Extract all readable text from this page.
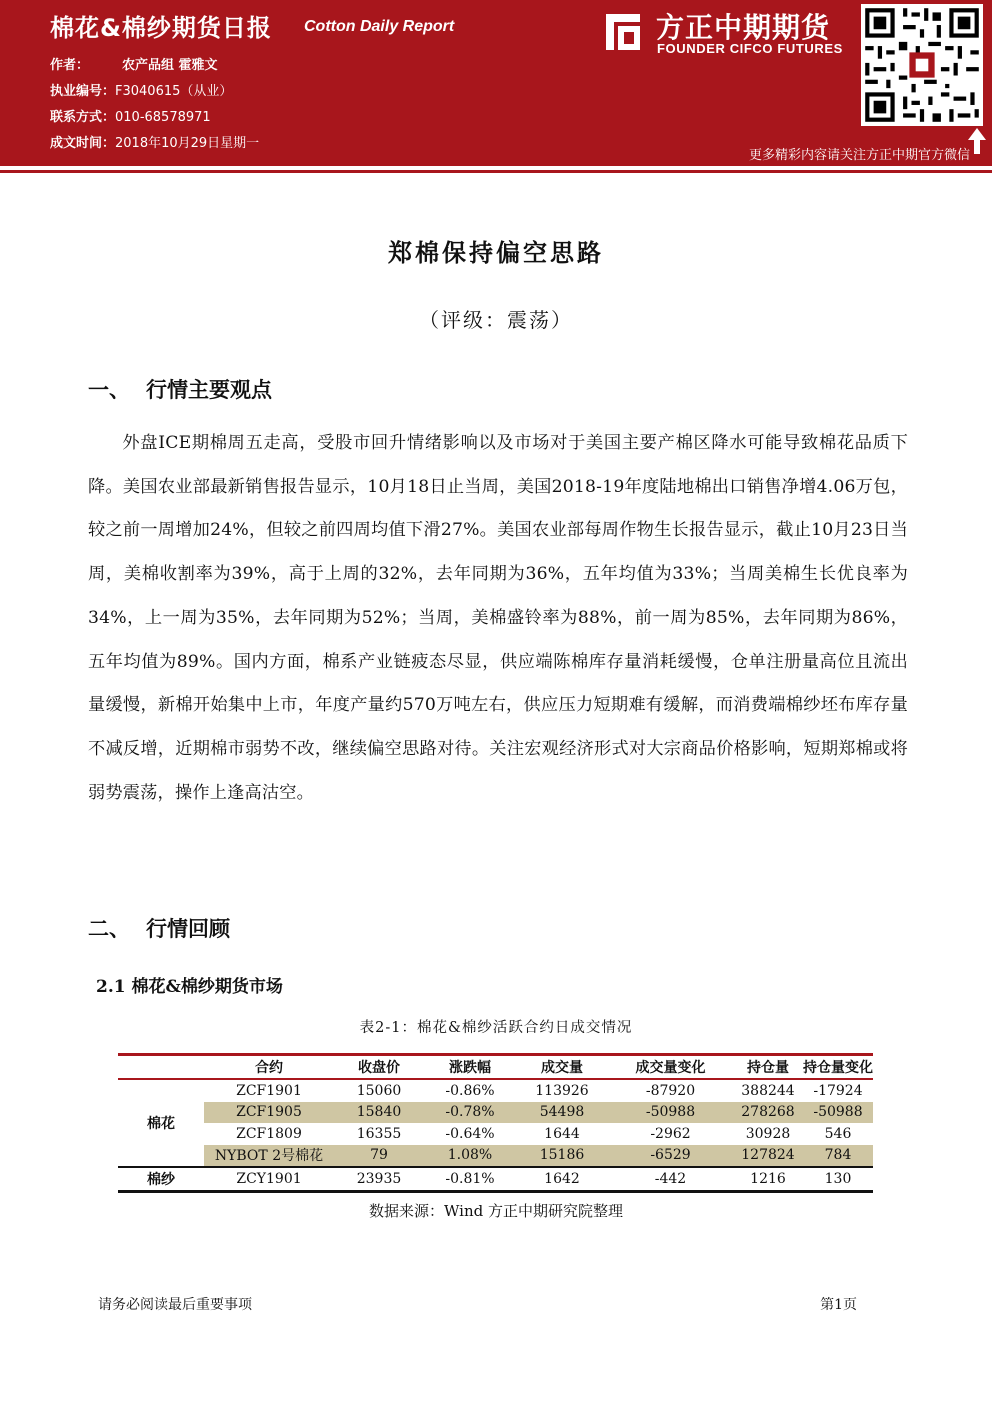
棉花&棉纱期货日报 Cotton Daily Report
作者：	农产品组 霍雅文
执业编号：F3040615（从业）
联系方式：010-68578971
成文时间：2018年10月29日星期一
方正中期期货
FOUNDER CIFCO FUTURES
更多精彩内容请关注方正中期官方微信
郑棉保持偏空思路
（评级：震荡）
一、 行情主要观点
外盘ICE期棉周五走高，受股市回升情绪影响以及市场对于美国主要产棉区降水可能导致棉花品质下降。美国农业部最新销售报告显示，10月18日止当周，美国2018-19年度陆地棉出口销售净增4.06万包，较之前一周增加24%，但较之前四周均值下滑27%。美国农业部每周作物生长报告显示，截止10月23日当周，美棉收割率为39%，高于上周的32%，去年同期为36%，五年均值为33%；当周美棉生长优良率为34%，上一周为35%，去年同期为52%；当周，美棉盛铃率为88%，前一周为85%，去年同期为86%，五年均值为89%。国内方面，棉系产业链疲态尽显，供应端陈棉库存量消耗缓慢，仓单注册量高位且流出量缓慢，新棉开始集中上市，年度产量约570万吨左右，供应压力短期难有缓解，而消费端棉纱坯布库存量不减反增，近期棉市弱势不改，继续偏空思路对待。关注宏观经济形式对大宗商品价格影响，短期郑棉或将弱势震荡，操作上逢高沽空。
二、 行情回顾
2.1 棉花&棉纱期货市场
表2-1：棉花&棉纱活跃合约日成交情况
	合约	收盘价	涨跌幅	成交量	成交量变化	持仓量	持仓量变化
棉花	ZCF1901	15060	-0.86%	113926	-87920	388244	-17924
	ZCF1905	15840	-0.78%	54498	-50988	278268	-50988
	ZCF1809	16355	-0.64%	1644	-2962	30928	546
	NYBOT 2号棉花	79	1.08%	15186	-6529	127824	784
棉纱	ZCY1901	23935	-0.81%	1642	-442	1216	130
数据来源：Wind 方正中期研究院整理
请务必阅读最后重要事项	第1页
